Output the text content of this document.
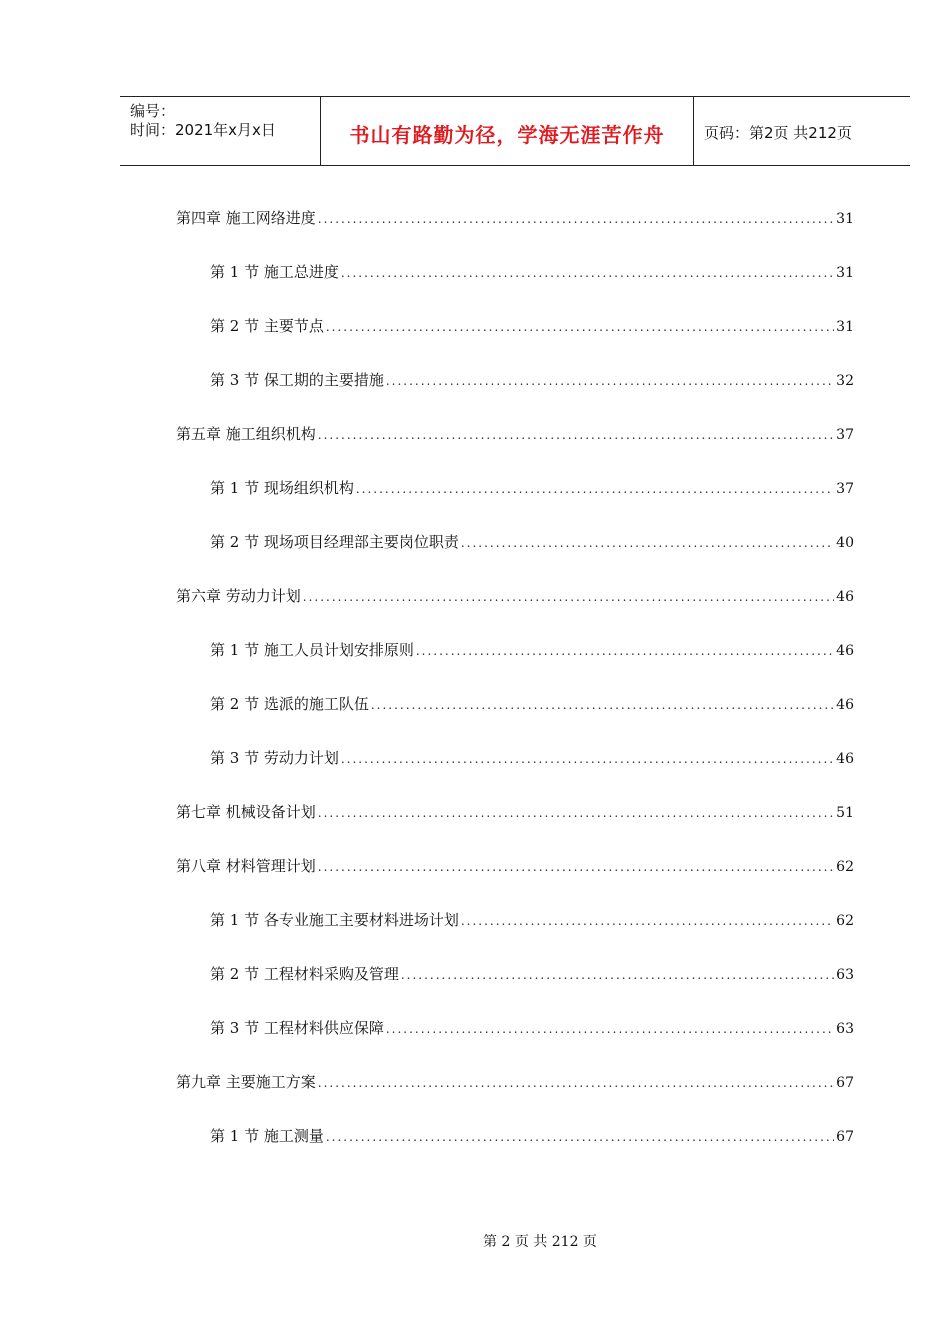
编号：
时间：2021年x月x日	书山有路勤为径，学海无涯苦作舟	页码：第2页 共212页
第四章 施工网络进度 .....	31
第 1 节 施工总进度 .....	31
第 2 节 主要节点 .....	31
第 3 节 保工期的主要措施 .....	32
第五章 施工组织机构 .....	37
第 1 节 现场组织机构 .....	37
第 2 节 现场项目经理部主要岗位职责 .....	40
第六章 劳动力计划 .....	46
第 1 节 施工人员计划安排原则 .....	46
第 2 节 选派的施工队伍 .....	46
第 3 节 劳动力计划 .....	46
第七章 机械设备计划 .....	51
第八章 材料管理计划 .....	62
第 1 节 各专业施工主要材料进场计划 .....	62
第 2 节 工程材料采购及管理 .....	63
第 3 节 工程材料供应保障 .....	63
第九章 主要施工方案 .....	67
第 1 节 施工测量 .....	67
第 2 页 共 212 页
